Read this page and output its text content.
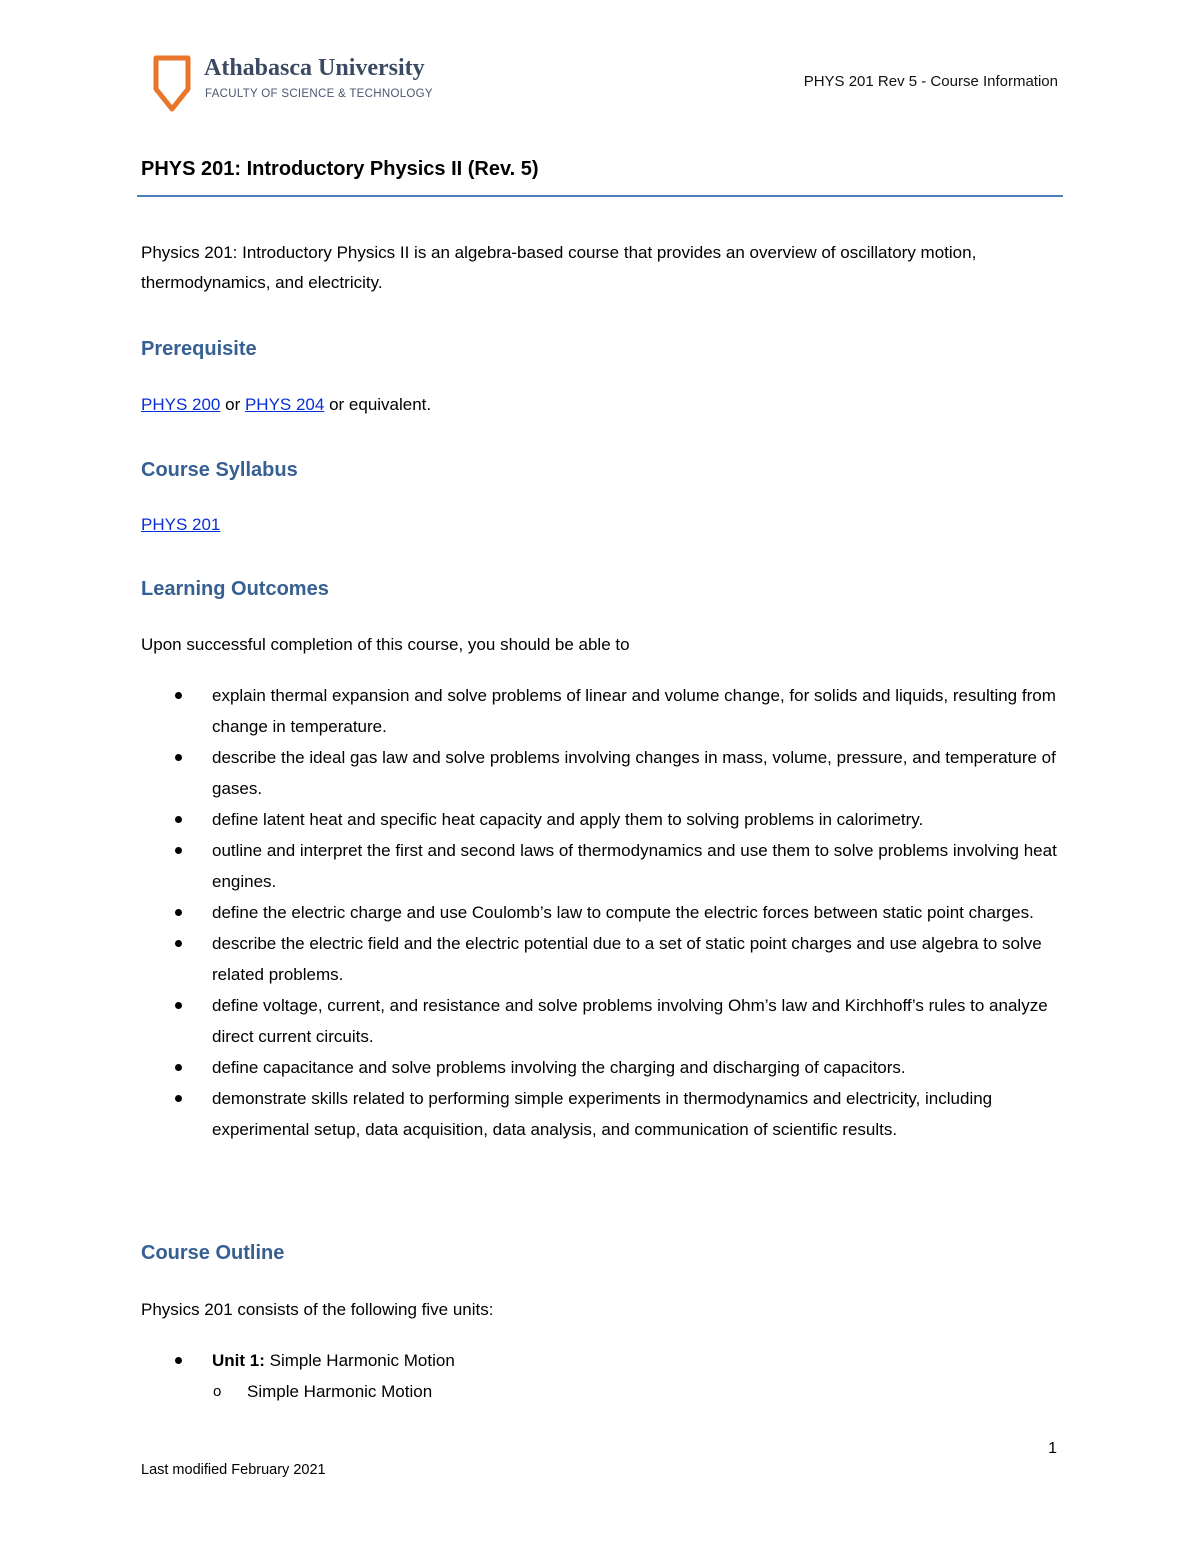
Athabasca University
FACULTY OF SCIENCE & TECHNOLOGY
PHYS 201 Rev 5 - Course Information
PHYS 201: Introductory Physics II (Rev. 5)
Physics 201: Introductory Physics II is an algebra-based course that provides an overview of oscillatory motion, thermodynamics, and electricity.
Prerequisite
PHYS 200 or PHYS 204 or equivalent.
Course Syllabus
PHYS 201
Learning Outcomes
Upon successful completion of this course, you should be able to
explain thermal expansion and solve problems of linear and volume change, for solids and liquids, resulting from change in temperature.
describe the ideal gas law and solve problems involving changes in mass, volume, pressure, and temperature of gases.
define latent heat and specific heat capacity and apply them to solving problems in calorimetry.
outline and interpret the first and second laws of thermodynamics and use them to solve problems involving heat engines.
define the electric charge and use Coulomb’s law to compute the electric forces between static point charges.
describe the electric field and the electric potential due to a set of static point charges and use algebra to solve related problems.
define voltage, current, and resistance and solve problems involving Ohm’s law and Kirchhoff’s rules to analyze direct current circuits.
define capacitance and solve problems involving the charging and discharging of capacitors.
demonstrate skills related to performing simple experiments in thermodynamics and electricity, including experimental setup, data acquisition, data analysis, and communication of scientific results.
Course Outline
Physics 201 consists of the following five units:
Unit 1: Simple Harmonic Motion
o Simple Harmonic Motion
1
Last modified February 2021
